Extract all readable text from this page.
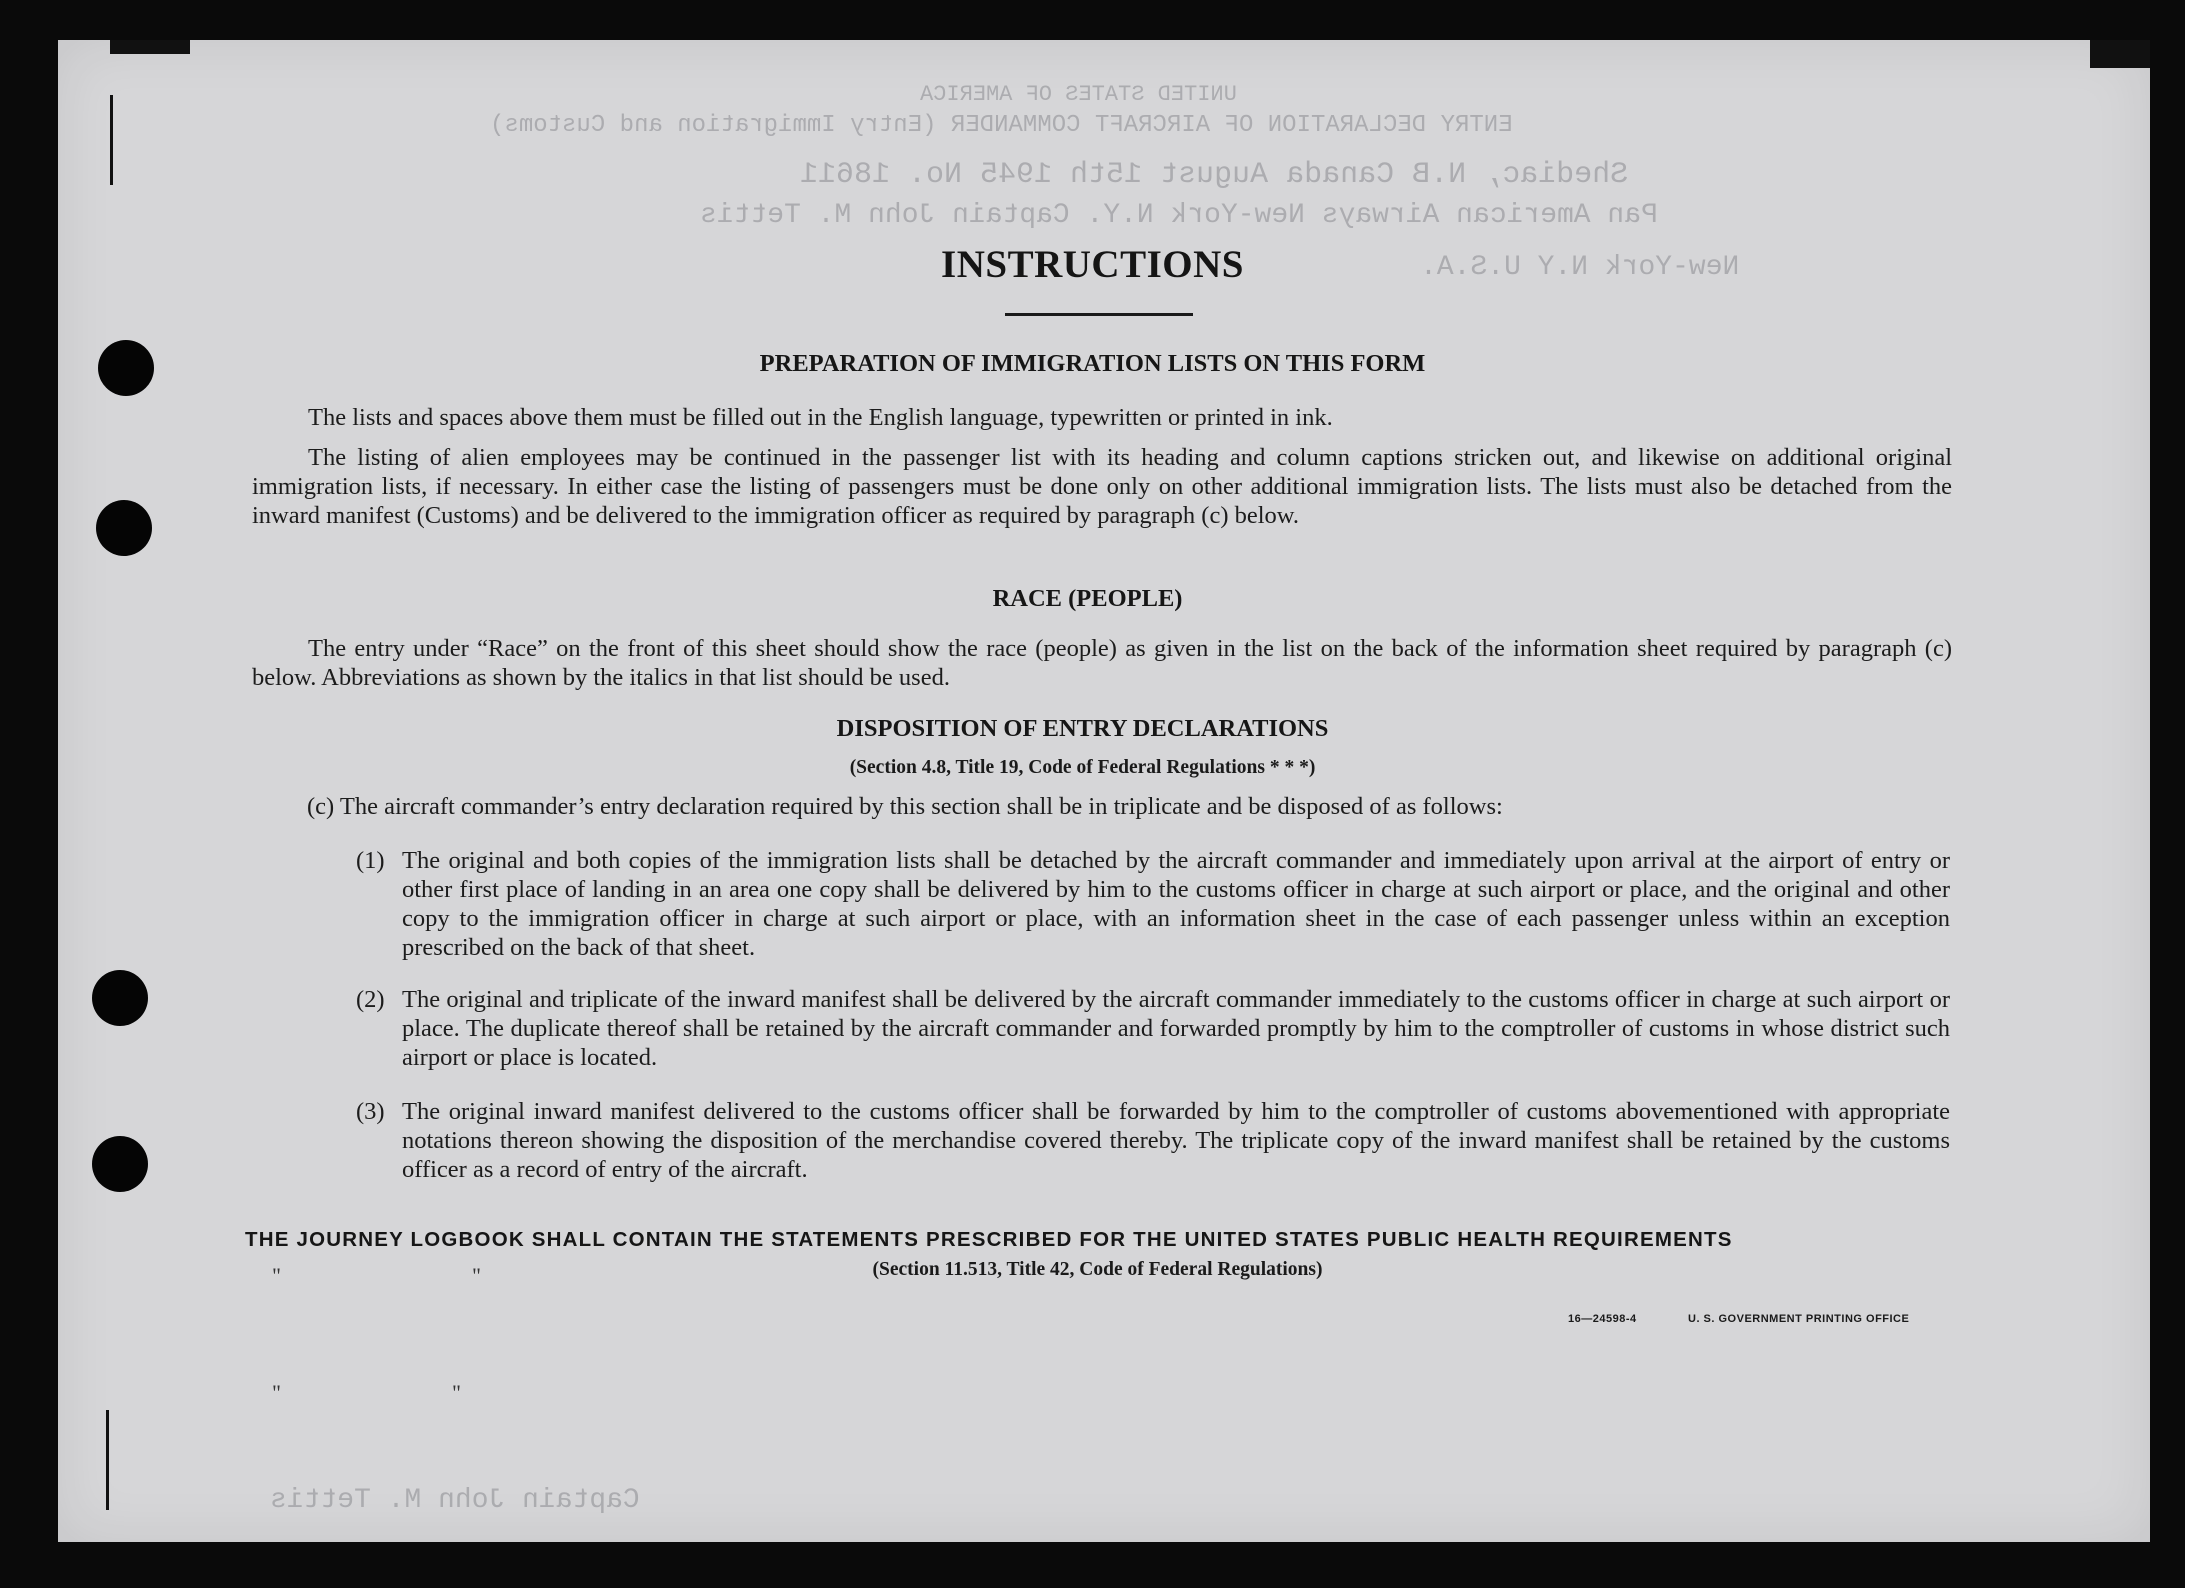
UNITED STATES OF AMERICA
ENTRY DECLARATION OF AIRCRAFT COMMANDER (Entry Immigration and Customs)
Shediac, N.B Canada August 15th 1945 No. 18611
Pan American Airways New-York N.Y. Captain John M. Tettis
New-York N.Y U.S.A.
Captain John M. Tettis
INSTRUCTIONS
PREPARATION OF IMMIGRATION LISTS ON THIS FORM

The lists and spaces above them must be filled out in the English language, typewritten or printed in ink.

The listing of alien employees may be continued in the passenger list with its heading and column captions stricken out, and likewise on additional original immigration lists, if necessary. In either case the listing of passengers must be done only on other additional immigration lists. The lists must also be detached from the inward manifest (Customs) and be delivered to the immigration officer as required by paragraph (c) below.

RACE (PEOPLE)

The entry under “Race” on the front of this sheet should show the race (people) as given in the list on the back of the information sheet required by paragraph (c) below. Abbreviations as shown by the italics in that list should be used.

DISPOSITION OF ENTRY DECLARATIONS
(Section 4.8, Title 19, Code of Federal Regulations * * *)

(c) The aircraft commander’s entry declaration required by this section shall be in triplicate and be disposed of as follows:

(1) The original and both copies of the immigration lists shall be detached by the aircraft commander and immediately upon arrival at the airport of entry or other first place of landing in an area one copy shall be delivered by him to the customs officer in charge at such airport or place, and the original and other copy to the immigration officer in charge at such airport or place, with an information sheet in the case of each passenger unless within an exception prescribed on the back of that sheet.
(2) The original and triplicate of the inward manifest shall be delivered by the aircraft commander immediately to the customs officer in charge at such airport or place. The duplicate thereof shall be retained by the aircraft commander and forwarded promptly by him to the comptroller of customs in whose district such airport or place is located.
(3) The original inward manifest delivered to the customs officer shall be forwarded by him to the comptroller of customs abovementioned with appropriate notations thereon showing the disposition of the merchandise covered thereby. The triplicate copy of the inward manifest shall be retained by the customs officer as a record of entry of the aircraft.
THE JOURNEY LOGBOOK SHALL CONTAIN THE STATEMENTS PRESCRIBED FOR THE UNITED STATES PUBLIC HEALTH REQUIREMENTS
(Section 11.513, Title 42, Code of Federal Regulations)
"	"
"	"
16—24598‑4	U. S. GOVERNMENT PRINTING OFFICE
